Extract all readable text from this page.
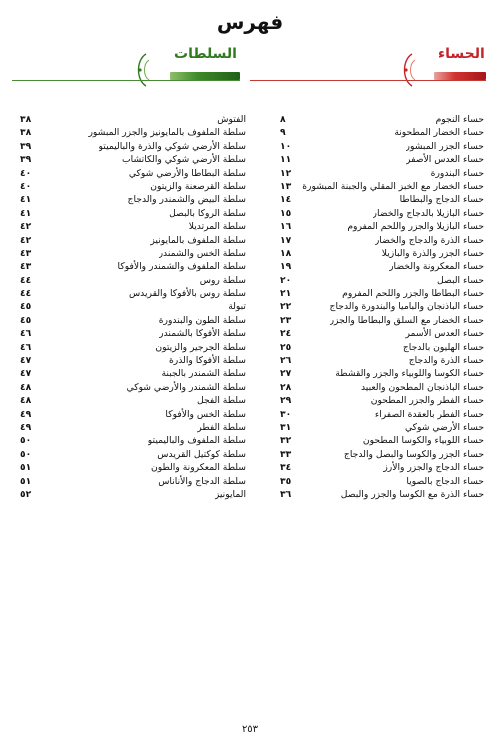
فهرس
السلطات	الحساء
٣٨	الفتوش
٣٨	سلطة الملفوف بالمايونيز والجزر المبشور
٣٩	سلطة الأرضي شوكي والذرة والباليميتو
٣٩	سلطة الأرضي شوكي والكاتشاب
٤٠	سلطة البطاطا والأرضي شوكي
٤٠	سلطة القرصعنة والزيتون
٤١	سلطة البيض والشمندر والدجاج
٤١	سلطة الروكا بالبصل
٤٢	سلطة المرتديلا
٤٢	سلطة الملفوف بالمايونيز
٤٣	سلطة الخس والشمندر
٤٣	سلطة الملفوف والشمندر والأفوكا
٤٤	سلطة روس
٤٤	سلطة روس بالأفوكا والقريدس
٤٥	تبولة
٤٥	سلطة الطون والبندورة
٤٦	سلطة الأفوكا بالشمندر
٤٦	سلطة الجرجير والزيتون
٤٧	سلطة الأفوكا والذرة
٤٧	سلطة الشمندر بالجبنة
٤٨	سلطة الشمندر والأرضي شوكي
٤٨	سلطة الفجل
٤٩	سلطة الخس والأفوكا
٤٩	سلطة الفطر
٥٠	سلطة الملفوف والباليميتو
٥٠	سلطة كوكتيل القريدس
٥١	سلطة المعكرونة والطون
٥١	سلطة الدجاج والأناناس
٥٢	المايونيز
٨	حساء النجوم
٩	حساء الخضار المطحونة
١٠	حساء الجزر المبشور
١١	حساء العدس الأصفر
١٢	حساء البندورة
١٣	حساء الخضار مع الخبز المقلي والجبنة المبشورة
١٤	حساء الدجاج والبطاطا
١٥	حساء البازيلا بالدجاج والخضار
١٦	حساء البازيلا والجزر واللحم المفروم
١٧	حساء الذرة والدجاج والخضار
١٨	حساء الجزر والذرة والبازيلا
١٩	حساء المعكرونة والخضار
٢٠	حساء البصل
٢١	حساء البطاطا والجزر واللحم المفروم
٢٢	حساء الباذنجان والباميا والبندورة والدجاج
٢٣	حساء الخضار مع السلق والبطاطا والجزر
٢٤	حساء العدس الأسمر
٢٥	حساء الهليون بالدجاج
٢٦	حساء الذرة والدجاج
٢٧	حساء الكوسا واللوبياء والجزر والقشطة
٢٨	حساء الباذنجان المطحون والعبيد
٢٩	حساء الفطر والجزر المطحون
٣٠	حساء الفطر بالعقدة الصفراء
٣١	حساء الأرضي شوكي
٣٢	حساء اللوبياء والكوسا المطحون
٣٣	حساء الجزر والكوسا والبصل والدجاج
٣٤	حساء الدجاج والجزر والأرز
٣٥	حساء الدجاج بالصويا
٣٦	حساء الذرة مع الكوسا والجزر والبصل
٢٥٣
